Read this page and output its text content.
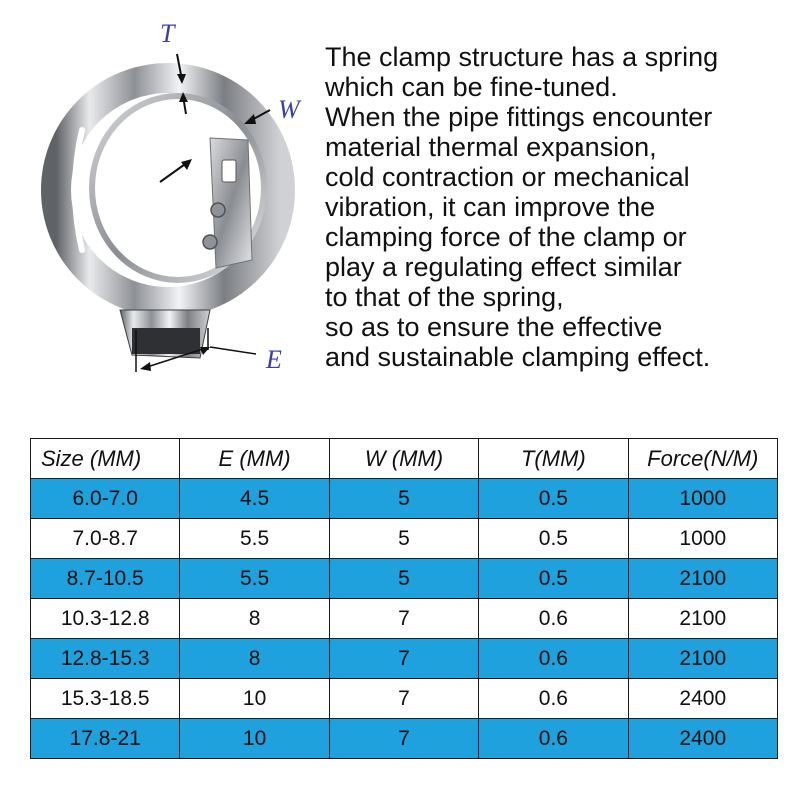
T
W
E
The clamp structure has a spring
which can be fine-tuned.
When the pipe fittings encounter
material thermal expansion,
cold contraction or mechanical
vibration, it can improve the
clamping force of the clamp or
play a regulating effect similar
to that of the spring,
so as to ensure the effective
and sustainable clamping effect.
Size (MM)	E (MM)	W (MM)	T(MM)	Force(N/M)
6.0-7.0	4.5	5	0.5	1000
7.0-8.7	5.5	5	0.5	1000
8.7-10.5	5.5	5	0.5	2100
10.3-12.8	8	7	0.6	2100
12.8-15.3	8	7	0.6	2100
15.3-18.5	10	7	0.6	2400
17.8-21	10	7	0.6	2400
